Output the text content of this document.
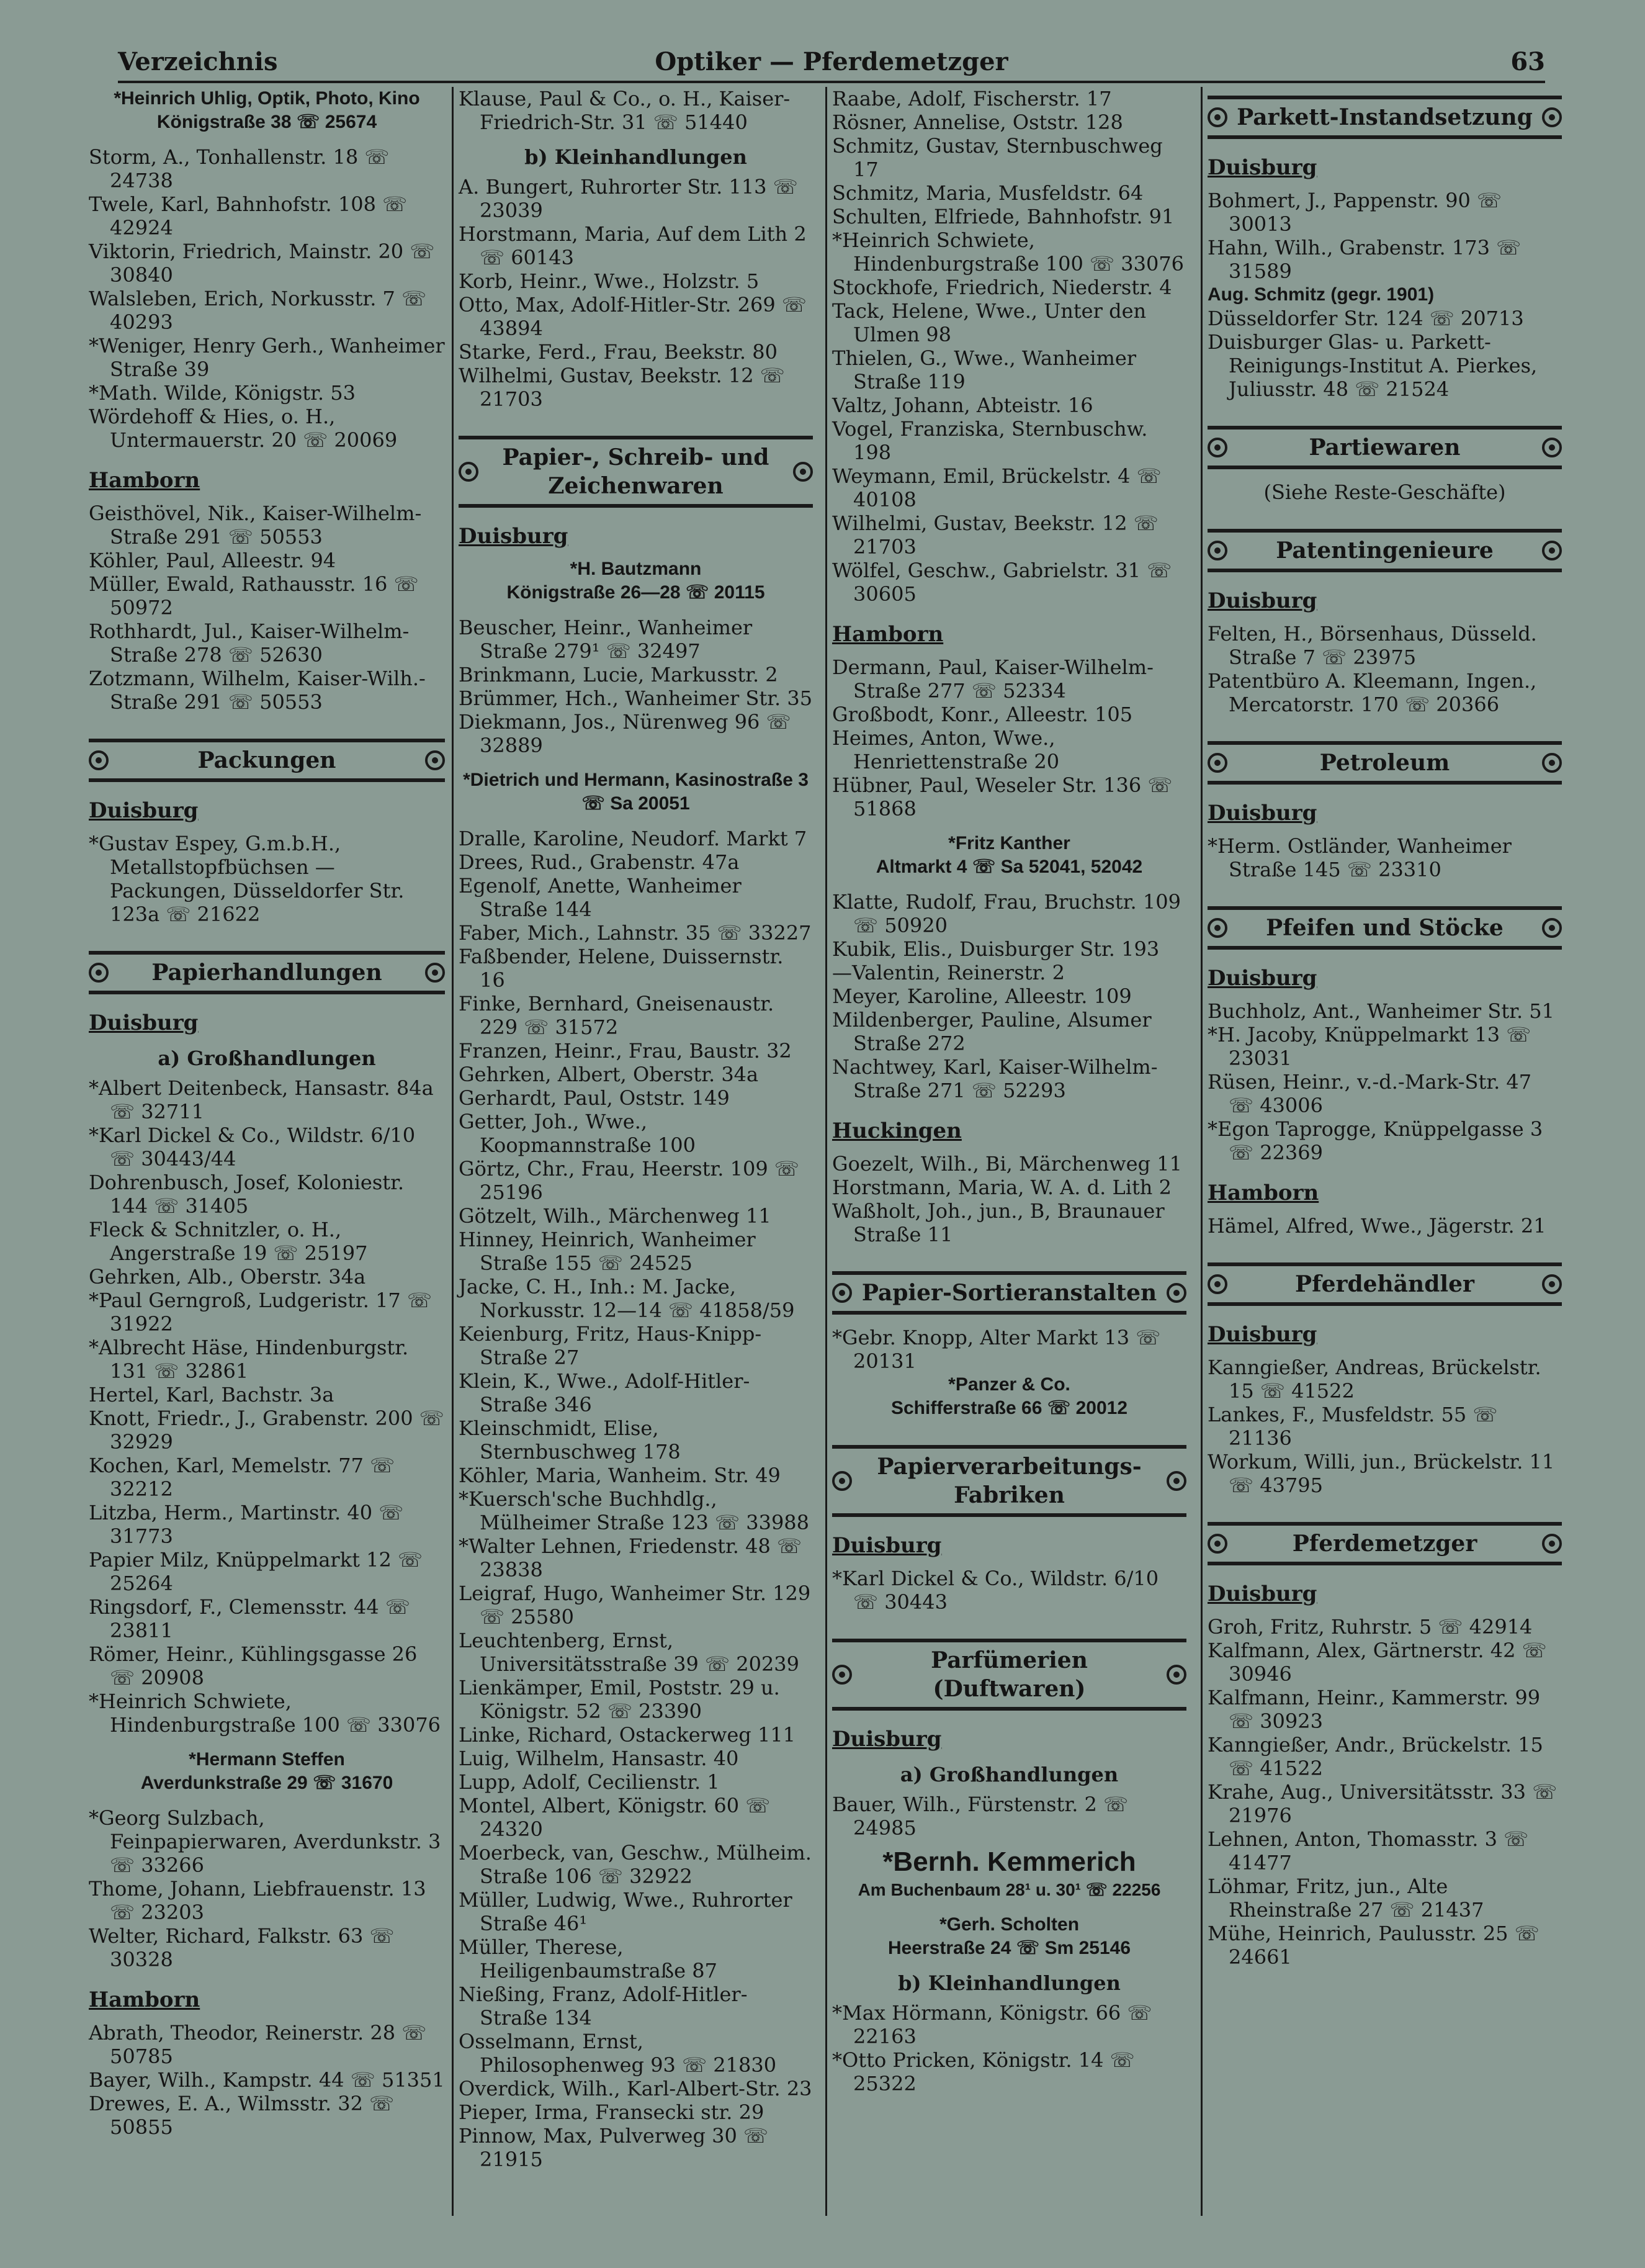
Verzeichnis	Optiker — Pferdemetzger	63

*Heinrich Uhlig, Optik, Photo, Kino

Königstraße 38 ☏ 25674

Storm, A., Tonhallenstr. 18 ☏ 24738

Twele, Karl, Bahnhofstr. 108 ☏ 42924

Viktorin, Friedrich, Mainstr. 20 ☏ 30840

Walsleben, Erich, Norkusstr. 7 ☏ 40293

*Weniger, Henry Gerh., Wanheimer Straße 39

*Math. Wilde, Königstr. 53

Wördehoff & Hies, o. H., Untermauerstr. 20 ☏ 20069

Hamborn

Geisthövel, Nik., Kaiser-Wilhelm-Straße 291 ☏ 50553

Köhler, Paul, Alleestr. 94

Müller, Ewald, Rathausstr. 16 ☏ 50972

Rothhardt, Jul., Kaiser-Wilhelm-Straße 278 ☏ 52630

Zotzmann, Wilhelm, Kaiser-Wilh.-Straße 291 ☏ 50553

Packungen
Duisburg

*Gustav Espey, G.m.b.H., Metallstopfbüchsen — Packungen, Düsseldorfer Str. 123a ☏ 21622

Papierhandlungen
Duisburg
a) Großhandlungen

*Albert Deitenbeck, Hansastr. 84a ☏ 32711

*Karl Dickel & Co., Wildstr. 6/10 ☏ 30443/44

Dohrenbusch, Josef, Koloniestr. 144 ☏ 31405

Fleck & Schnitzler, o. H., Angerstraße 19 ☏ 25197

Gehrken, Alb., Oberstr. 34a

*Paul Gerngroß, Ludgeristr. 17 ☏ 31922

*Albrecht Häse, Hindenburgstr. 131 ☏ 32861

Hertel, Karl, Bachstr. 3a

Knott, Friedr., J., Grabenstr. 200 ☏ 32929

Kochen, Karl, Memelstr. 77 ☏ 32212

Litzba, Herm., Martinstr. 40 ☏ 31773

Papier Milz, Knüppelmarkt 12 ☏ 25264

Ringsdorf, F., Clemensstr. 44 ☏ 23811

Römer, Heinr., Kühlingsgasse 26 ☏ 20908

*Heinrich Schwiete, Hindenburgstraße 100 ☏ 33076

*Hermann Steffen

Averdunkstraße 29 ☏ 31670

*Georg Sulzbach, Feinpapierwaren, Averdunkstr. 3 ☏ 33266

Thome, Johann, Liebfrauenstr. 13 ☏ 23203

Welter, Richard, Falkstr. 63 ☏ 30328

Hamborn

Abrath, Theodor, Reinerstr. 28 ☏ 50785

Bayer, Wilh., Kampstr. 44 ☏ 51351

Drewes, E. A., Wilmsstr. 32 ☏ 50855

Klause, Paul & Co., o. H., Kaiser-Friedrich-Str. 31 ☏ 51440

b) Kleinhandlungen

A. Bungert, Ruhrorter Str. 113 ☏ 23039

Horstmann, Maria, Auf dem Lith 2 ☏ 60143

Korb, Heinr., Wwe., Holzstr. 5

Otto, Max, Adolf-Hitler-Str. 269 ☏ 43894

Starke, Ferd., Frau, Beekstr. 80

Wilhelmi, Gustav, Beekstr. 12 ☏ 21703

Papier-, Schreib- und Zeichenwaren
Duisburg

*H. Bautzmann

Königstraße 26—28 ☏ 20115

Beuscher, Heinr., Wanheimer Straße 279¹ ☏ 32497

Brinkmann, Lucie, Markusstr. 2

Brümmer, Hch., Wanheimer Str. 35

Diekmann, Jos., Nürenweg 96 ☏ 32889

*Dietrich und Hermann, Kasinostraße 3 ☏ Sa 20051

Dralle, Karoline, Neudorf. Markt 7

Drees, Rud., Grabenstr. 47a

Egenolf, Anette, Wanheimer Straße 144

Faber, Mich., Lahnstr. 35 ☏ 33227

Faßbender, Helene, Duissernstr. 16

Finke, Bernhard, Gneisenaustr. 229 ☏ 31572

Franzen, Heinr., Frau, Baustr. 32

Gehrken, Albert, Oberstr. 34a

Gerhardt, Paul, Oststr. 149

Getter, Joh., Wwe., Koopmannstraße 100

Görtz, Chr., Frau, Heerstr. 109 ☏ 25196

Götzelt, Wilh., Märchenweg 11

Hinney, Heinrich, Wanheimer Straße 155 ☏ 24525

Jacke, C. H., Inh.: M. Jacke, Norkusstr. 12—14 ☏ 41858/59

Keienburg, Fritz, Haus-Knipp-Straße 27

Klein, K., Wwe., Adolf-Hitler-Straße 346

Kleinschmidt, Elise, Sternbuschweg 178

Köhler, Maria, Wanheim. Str. 49

*Kuersch'sche Buchhdlg., Mülheimer Straße 123 ☏ 33988

*Walter Lehnen, Friedenstr. 48 ☏ 23838

Leigraf, Hugo, Wanheimer Str. 129 ☏ 25580

Leuchtenberg, Ernst, Universitätsstraße 39 ☏ 20239

Lienkämper, Emil, Poststr. 29 u. Königstr. 52 ☏ 23390

Linke, Richard, Ostackerweg 111

Luig, Wilhelm, Hansastr. 40

Lupp, Adolf, Cecilienstr. 1

Montel, Albert, Königstr. 60 ☏ 24320

Moerbeck, van, Geschw., Mülheim. Straße 106 ☏ 32922

Müller, Ludwig, Wwe., Ruhrorter Straße 46¹

Müller, Therese, Heiligenbaumstraße 87

Nießing, Franz, Adolf-Hitler-Straße 134

Osselmann, Ernst, Philosophenweg 93 ☏ 21830

Overdick, Wilh., Karl-Albert-Str. 23

Pieper, Irma, Fransecki str. 29

Pinnow, Max, Pulverweg 30 ☏ 21915

Raabe, Adolf, Fischerstr. 17

Rösner, Annelise, Oststr. 128

Schmitz, Gustav, Sternbuschweg 17

Schmitz, Maria, Musfeldstr. 64

Schulten, Elfriede, Bahnhofstr. 91

*Heinrich Schwiete, Hindenburgstraße 100 ☏ 33076

Stockhofe, Friedrich, Niederstr. 4

Tack, Helene, Wwe., Unter den Ulmen 98

Thielen, G., Wwe., Wanheimer Straße 119

Valtz, Johann, Abteistr. 16

Vogel, Franziska, Sternbuschw. 198

Weymann, Emil, Brückelstr. 4 ☏ 40108

Wilhelmi, Gustav, Beekstr. 12 ☏ 21703

Wölfel, Geschw., Gabrielstr. 31 ☏ 30605

Hamborn

Dermann, Paul, Kaiser-Wilhelm-Straße 277 ☏ 52334

Großbodt, Konr., Alleestr. 105

Heimes, Anton, Wwe., Henriettenstraße 20

Hübner, Paul, Weseler Str. 136 ☏ 51868

*Fritz Kanther

Altmarkt 4 ☏ Sa 52041, 52042

Klatte, Rudolf, Frau, Bruchstr. 109 ☏ 50920

Kubik, Elis., Duisburger Str. 193

—Valentin, Reinerstr. 2

Meyer, Karoline, Alleestr. 109

Mildenberger, Pauline, Alsumer Straße 272

Nachtwey, Karl, Kaiser-Wilhelm-Straße 271 ☏ 52293

Huckingen

Goezelt, Wilh., Bi, Märchenweg 11

Horstmann, Maria, W. A. d. Lith 2

Waßholt, Joh., jun., B, Braunauer Straße 11

Papier-Sortieranstalten

*Gebr. Knopp, Alter Markt 13 ☏ 20131

*Panzer & Co.

Schifferstraße 66 ☏ 20012

Papierverarbeitungs-Fabriken
Duisburg

*Karl Dickel & Co., Wildstr. 6/10 ☏ 30443

Parfümerien (Duftwaren)
Duisburg
a) Großhandlungen

Bauer, Wilh., Fürstenstr. 2 ☏ 24985

*Bernh. Kemmerich

Am Buchenbaum 28¹ u. 30¹ ☏ 22256

*Gerh. Scholten

Heerstraße 24 ☏ Sm 25146

b) Kleinhandlungen

*Max Hörmann, Königstr. 66 ☏ 22163

*Otto Pricken, Königstr. 14 ☏ 25322

Parkett-Instandsetzung
Duisburg

Bohmert, J., Pappenstr. 90 ☏ 30013

Hahn, Wilh., Grabenstr. 173 ☏ 31589

Aug. Schmitz (gegr. 1901)

Düsseldorfer Str. 124 ☏ 20713

Duisburger Glas- u. Parkett-Reinigungs-Institut A. Pierkes, Juliusstr. 48 ☏ 21524

Partiewaren

(Siehe Reste-Geschäfte)

Patentingenieure
Duisburg

Felten, H., Börsenhaus, Düsseld. Straße 7 ☏ 23975

Patentbüro A. Kleemann, Ingen., Mercatorstr. 170 ☏ 20366

Petroleum
Duisburg

*Herm. Ostländer, Wanheimer Straße 145 ☏ 23310

Pfeifen und Stöcke
Duisburg

Buchholz, Ant., Wanheimer Str. 51

*H. Jacoby, Knüppelmarkt 13 ☏ 23031

Rüsen, Heinr., v.-d.-Mark-Str. 47 ☏ 43006

*Egon Taprogge, Knüppelgasse 3 ☏ 22369

Hamborn

Hämel, Alfred, Wwe., Jägerstr. 21

Pferdehändler
Duisburg

Kanngießer, Andreas, Brückelstr. 15 ☏ 41522

Lankes, F., Musfeldstr. 55 ☏ 21136

Workum, Willi, jun., Brückelstr. 11 ☏ 43795

Pferdemetzger
Duisburg

Groh, Fritz, Ruhrstr. 5 ☏ 42914

Kalfmann, Alex, Gärtnerstr. 42 ☏ 30946

Kalfmann, Heinr., Kammerstr. 99 ☏ 30923

Kanngießer, Andr., Brückelstr. 15 ☏ 41522

Krahe, Aug., Universitätsstr. 33 ☏ 21976

Lehnen, Anton, Thomasstr. 3 ☏ 41477

Löhmar, Fritz, jun., Alte Rheinstraße 27 ☏ 21437

Mühe, Heinrich, Paulusstr. 25 ☏ 24661
